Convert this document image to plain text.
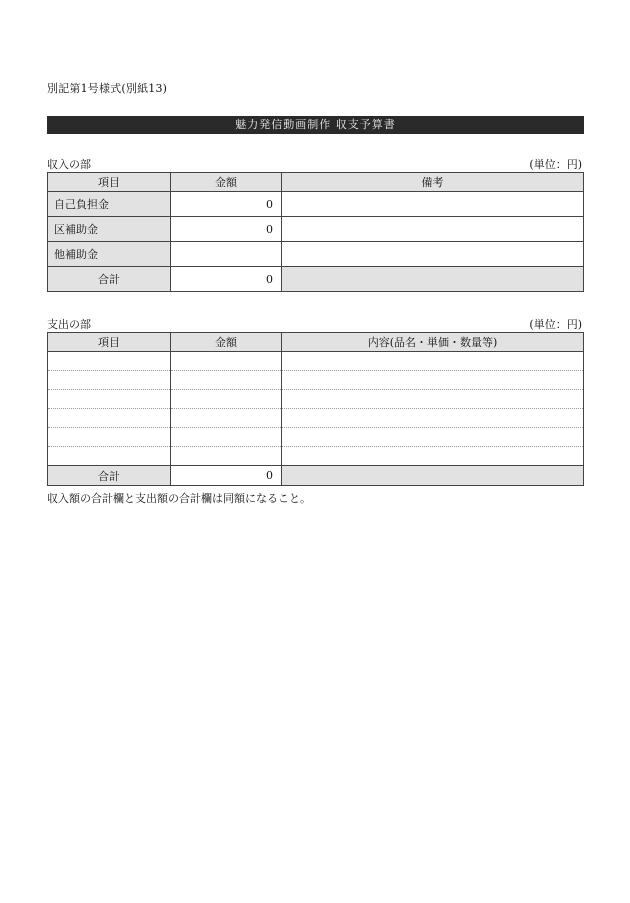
別記第1号様式(別紙13)
魅力発信動画制作 収支予算書
収入の部	(単位：円)
項目	金額	備考
自己負担金	0	
区補助金	0	
他補助金		
合計	0	
支出の部	(単位：円)
項目	金額	内容(品名・単価・数量等)

合計	0	
収入額の合計欄と支出額の合計欄は同額になること。
